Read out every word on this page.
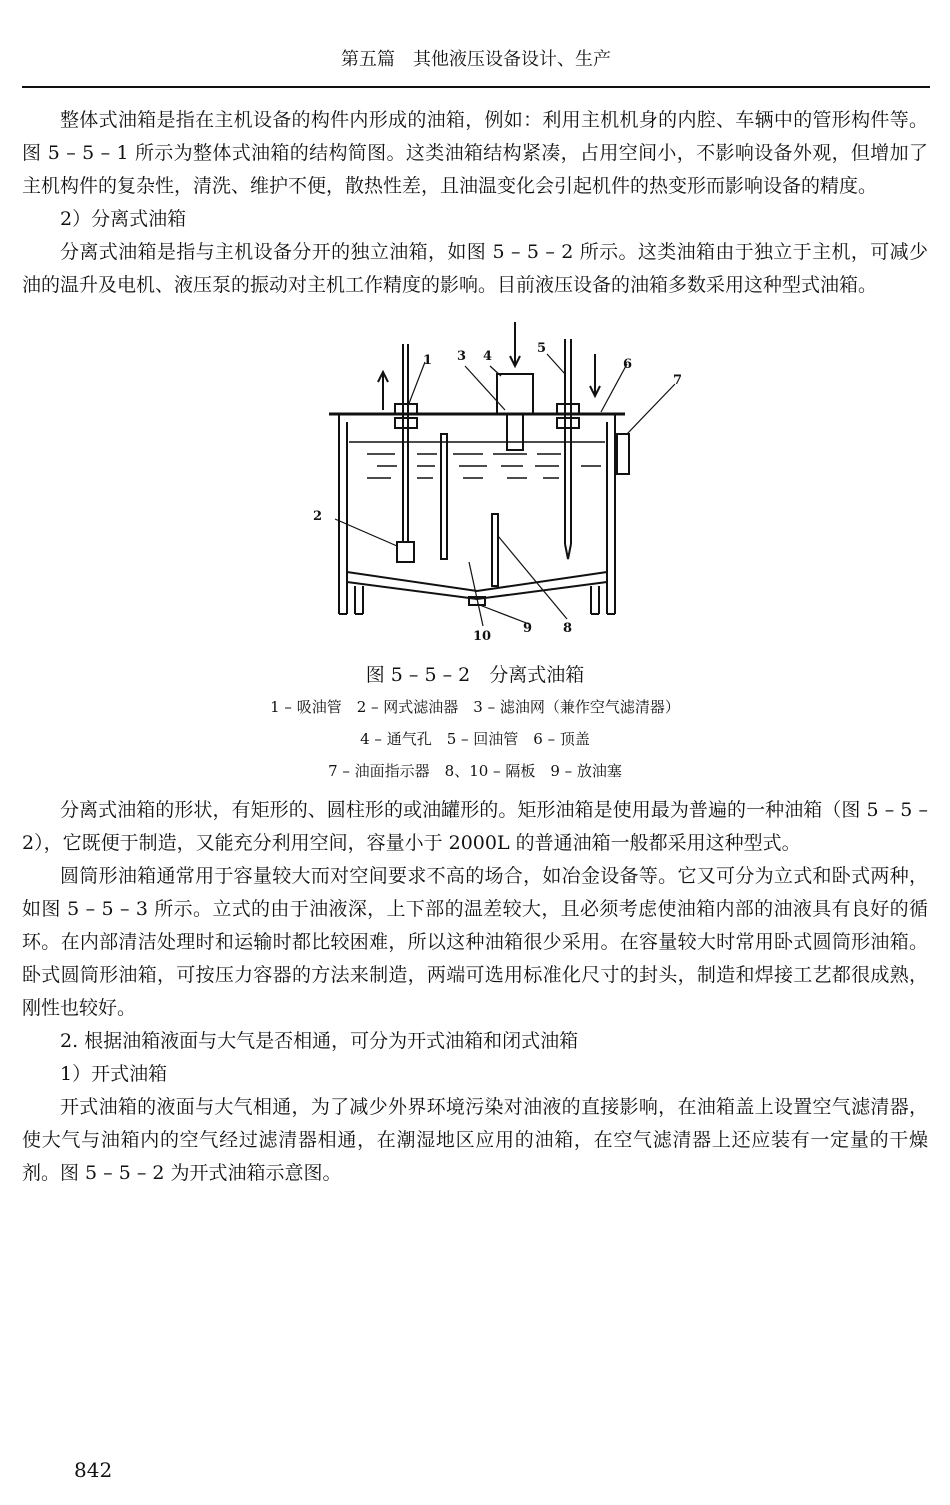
第五篇　其他液压设备设计、生产

整体式油箱是指在主机设备的构件内形成的油箱，例如：利用主机机身的内腔、车辆中的管形构件等。图 5 – 5 – 1 所示为整体式油箱的结构简图。这类油箱结构紧凑，占用空间小，不影响设备外观，但增加了主机构件的复杂性，清洗、维护不便，散热性差，且油温变化会引起机件的热变形而影响设备的精度。

2）分离式油箱

分离式油箱是指与主机设备分开的独立油箱，如图 5 – 5 – 2 所示。这类油箱由于独立于主机，可减少油的温升及电机、液压泵的振动对主机工作精度的影响。目前液压设备的油箱多数采用这种型式油箱。

1
2
3 4
5
6
7
8
9
10
图 5 – 5 – 2　分离式油箱
1 – 吸油管　2 – 网式滤油器　3 – 滤油网（兼作空气滤清器）
4 – 通气孔　5 – 回油管　6 – 顶盖
7 – 油面指示器　8、10 – 隔板　9 – 放油塞

分离式油箱的形状，有矩形的、圆柱形的或油罐形的。矩形油箱是使用最为普遍的一种油箱（图 5 – 5 – 2），它既便于制造，又能充分利用空间，容量小于 2000L 的普通油箱一般都采用这种型式。

圆筒形油箱通常用于容量较大而对空间要求不高的场合，如冶金设备等。它又可分为立式和卧式两种，如图 5 – 5 – 3 所示。立式的由于油液深，上下部的温差较大，且必须考虑使油箱内部的油液具有良好的循环。在内部清洁处理时和运输时都比较困难，所以这种油箱很少采用。在容量较大时常用卧式圆筒形油箱。卧式圆筒形油箱，可按压力容器的方法来制造，两端可选用标准化尺寸的封头，制造和焊接工艺都很成熟，刚性也较好。

2. 根据油箱液面与大气是否相通，可分为开式油箱和闭式油箱

1）开式油箱

开式油箱的液面与大气相通，为了减少外界环境污染对油液的直接影响，在油箱盖上设置空气滤清器，使大气与油箱内的空气经过滤清器相通，在潮湿地区应用的油箱，在空气滤清器上还应装有一定量的干燥剂。图 5 – 5 – 2 为开式油箱示意图。

842
